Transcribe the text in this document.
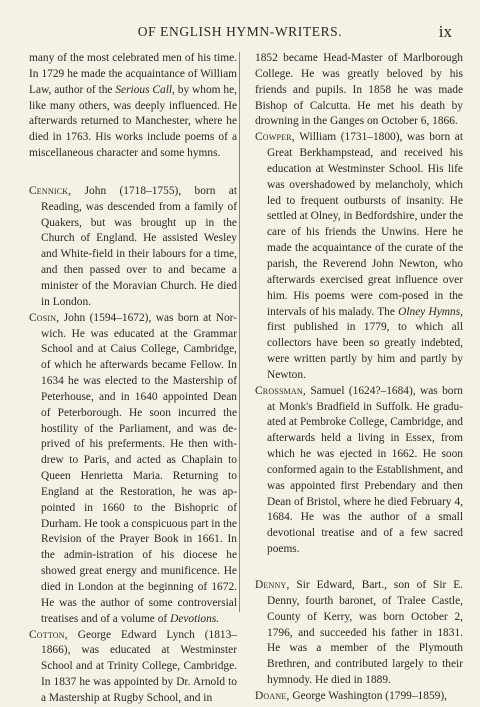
OF ENGLISH HYMN-WRITERS.	ix

many of the most celebrated men of his time. In 1729 he made the acquaintance of William Law, author of the Serious Call, by whom he, like many others, was deeply influenced. He afterwards returned to Manchester, where he died in 1763. His works include poems of a miscellaneous character and some hymns.

Cennick, John (1718–1755), born at Reading, was descended from a family of Quakers, but was brought up in the Church of England. He assisted Wesley and White-field in their labours for a time, and then passed over to and became a minister of the Moravian Church. He died in London.

Cosin, John (1594–1672), was born at Nor-wich. He was educated at the Grammar School and at Caius College, Cambridge, of which he afterwards became Fellow. In 1634 he was elected to the Mastership of Peterhouse, and in 1640 appointed Dean of Peterborough. He soon incurred the hostility of the Parliament, and was de-prived of his preferments. He then with-drew to Paris, and acted as Chaplain to Queen Henrietta Maria. Returning to England at the Restoration, he was ap-pointed in 1660 to the Bishopric of Durham. He took a conspicuous part in the Revision of the Prayer Book in 1661. In the admin-istration of his diocese he showed great energy and munificence. He died in London at the beginning of 1672. He was the author of some controversial treatises and of a volume of Devotions.

Cotton, George Edward Lynch (1813–1866), was educated at Westminster School and at Trinity College, Cambridge. In 1837 he was appointed by Dr. Arnold to a Mastership at Rugby School, and in

1852 became Head-Master of Marlborough College. He was greatly beloved by his friends and pupils. In 1858 he was made Bishop of Calcutta. He met his death by drowning in the Ganges on October 6, 1866.

Cowper, William (1731–1800), was born at Great Berkhampstead, and received his education at Westminster School. His life was overshadowed by melancholy, which led to frequent outbursts of insanity. He settled at Olney, in Bedfordshire, under the care of his friends the Unwins. Here he made the acquaintance of the curate of the parish, the Reverend John Newton, who afterwards exercised great influence over him. His poems were com-posed in the intervals of his malady. The Olney Hymns, first published in 1779, to which all collectors have been so greatly indebted, were written partly by him and partly by Newton.

Crossman, Samuel (1624?–1684), was born at Monk's Bradfield in Suffolk. He gradu-ated at Pembroke College, Cambridge, and afterwards held a living in Essex, from which he was ejected in 1662. He soon conformed again to the Establishment, and was appointed first Prebendary and then Dean of Bristol, where he died February 4, 1684. He was the author of a small devotional treatise and of a few sacred poems.

Denny, Sir Edward, Bart., son of Sir E. Denny, fourth baronet, of Tralee Castle, County of Kerry, was born October 2, 1796, and succeeded his father in 1831. He was a member of the Plymouth Brethren, and contributed largely to their hymnody. He died in 1889.

Doane, George Washington (1799–1859),
